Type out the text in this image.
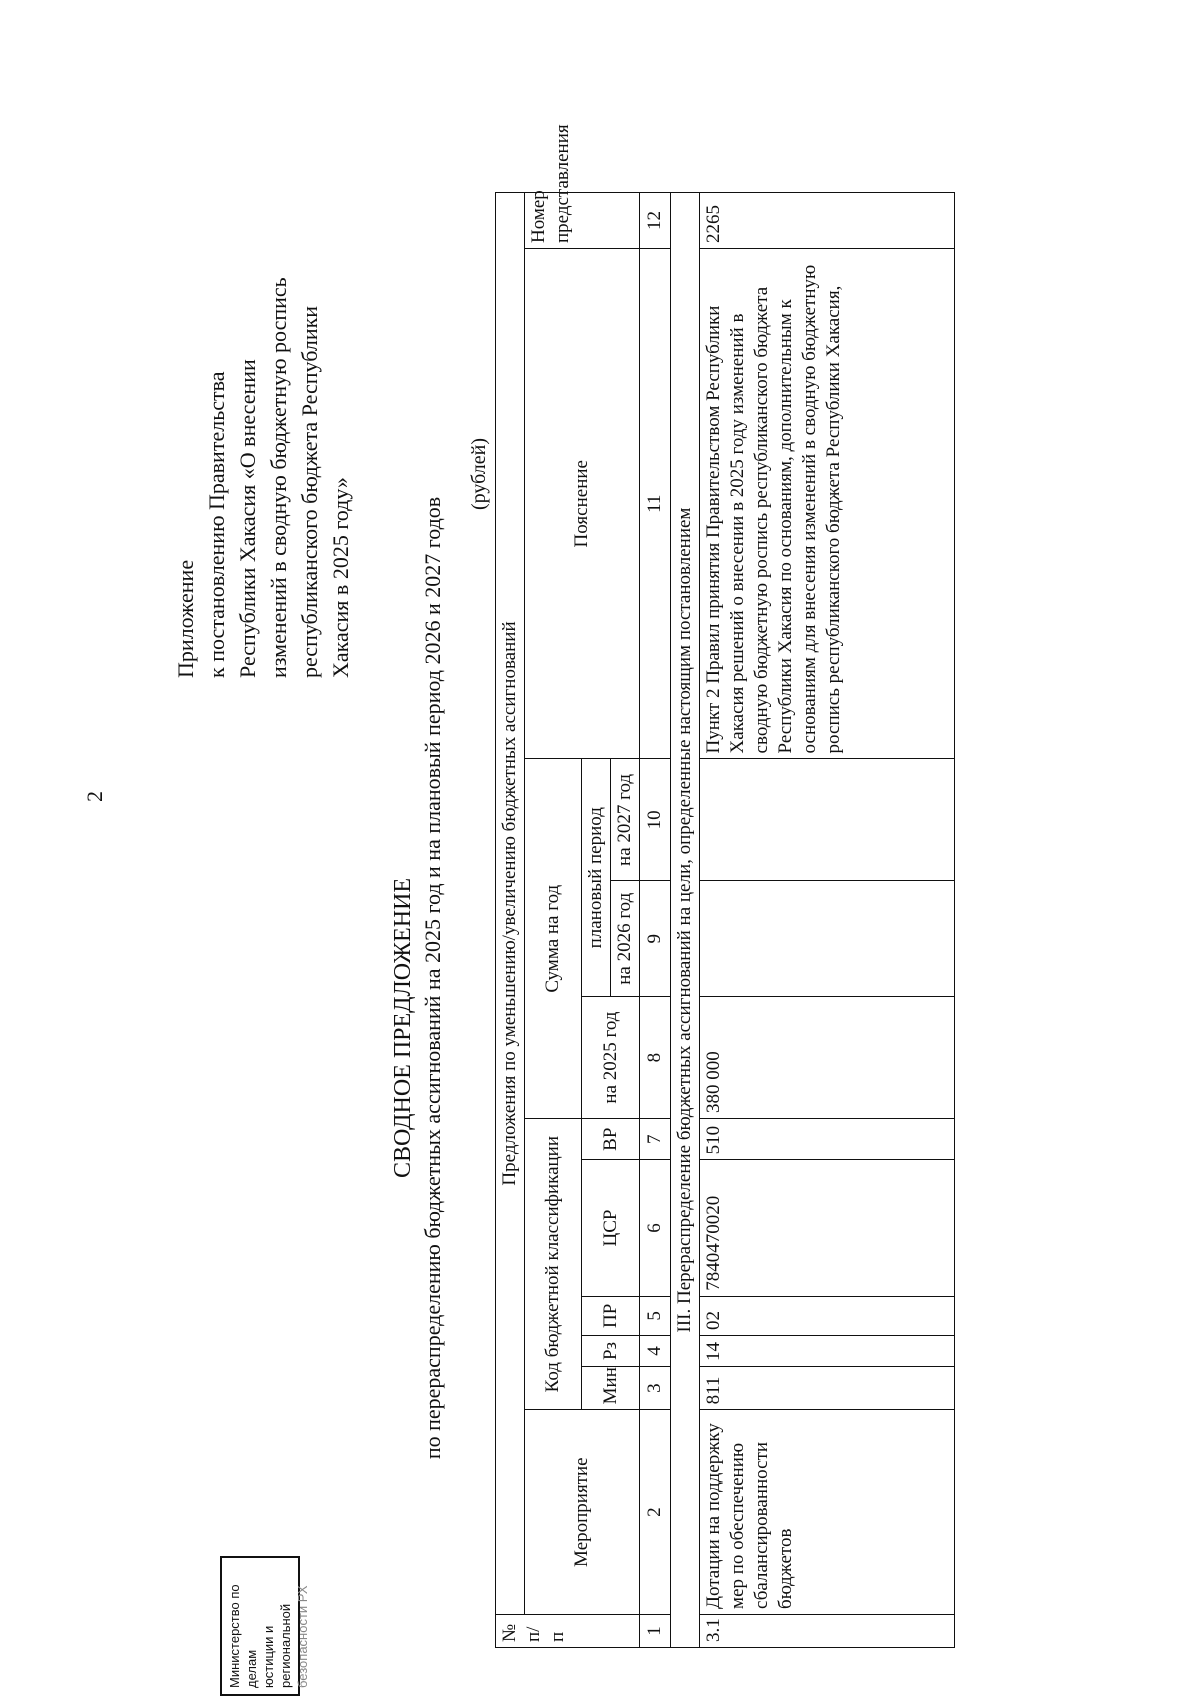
2
Приложение к постановлению Правительства Республики Хакасия «О внесении изменений в сводную бюджетную роспись республиканского бюджета Республики Хакасия в 2025 году»
СВОДНОЕ ПРЕДЛОЖЕНИЕ по перераспределению бюджетных ассигнований на 2025 год и на плановый период 2026 и 2027 годов
(рублей)
№ п/п	Предложения по уменьшению/увеличению бюджетных ассигнований										
	Мероприятие	Код бюджетной классификации					Сумма на год			Пояснение	Номер представления
		Мин	Рз	ПР	ЦСР	ВР	на 2025 год	плановый период			
								на 2026 год	на 2027 год		
1	2	3	4	5	6	7	8	9	10	11	12
III. Перераспределение бюджетных ассигнований на цели, определенные настоящим постановлением											
3.1	Дотации на поддержку мер по обеспечению сбалансированности бюджетов	811	14	02	7840470020	510	380 000			Пункт 2 Правил принятия Правительством Республики Хакасия решений о внесении в 2025 году изменений в сводную бюджетную роспись республиканского бюджета Республики Хакасия по основаниям, дополнительным к основаниям для внесения изменений в сводную бюджетную роспись республиканского бюджета Республики Хакасия,	2265
Министерство по делам юстиции и региональной безопасности РХ
